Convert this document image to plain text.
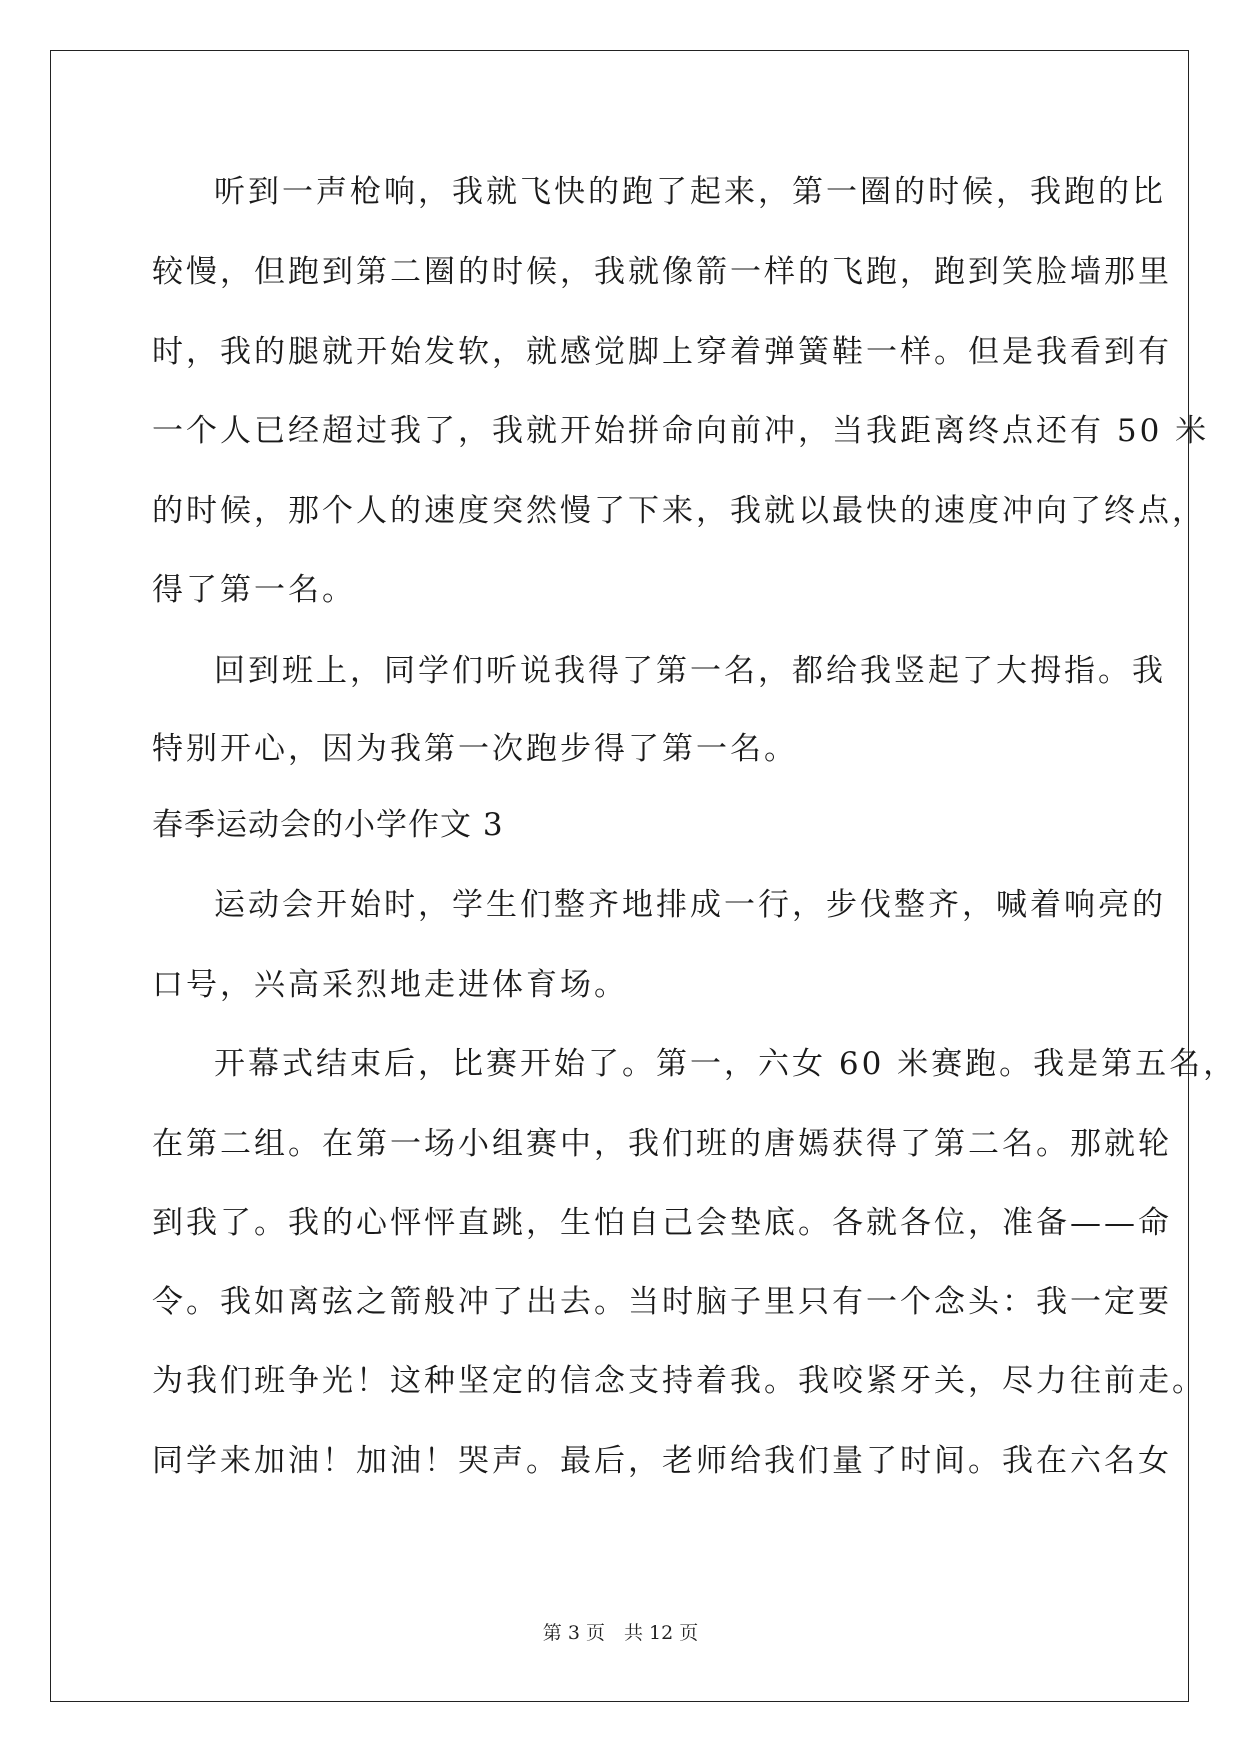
听到一声枪响，我就飞快的跑了起来，第一圈的时候，我跑的比
较慢，但跑到第二圈的时候，我就像箭一样的飞跑，跑到笑脸墙那里
时，我的腿就开始发软，就感觉脚上穿着弹簧鞋一样。但是我看到有
一个人已经超过我了，我就开始拼命向前冲，当我距离终点还有 50 米
的时候，那个人的速度突然慢了下来，我就以最快的速度冲向了终点，
得了第一名。
回到班上，同学们听说我得了第一名，都给我竖起了大拇指。我
特别开心，因为我第一次跑步得了第一名。
春季运动会的小学作文 3
运动会开始时，学生们整齐地排成一行，步伐整齐，喊着响亮的
口号，兴高采烈地走进体育场。
开幕式结束后，比赛开始了。第一，六女 60 米赛跑。我是第五名，
在第二组。在第一场小组赛中，我们班的唐嫣获得了第二名。那就轮
到我了。我的心怦怦直跳，生怕自己会垫底。各就各位，准备——命
令。我如离弦之箭般冲了出去。当时脑子里只有一个念头：我一定要
为我们班争光！这种坚定的信念支持着我。我咬紧牙关，尽力往前走。
同学来加油！加油！哭声。最后，老师给我们量了时间。我在六名女
第 3 页　共 12 页
